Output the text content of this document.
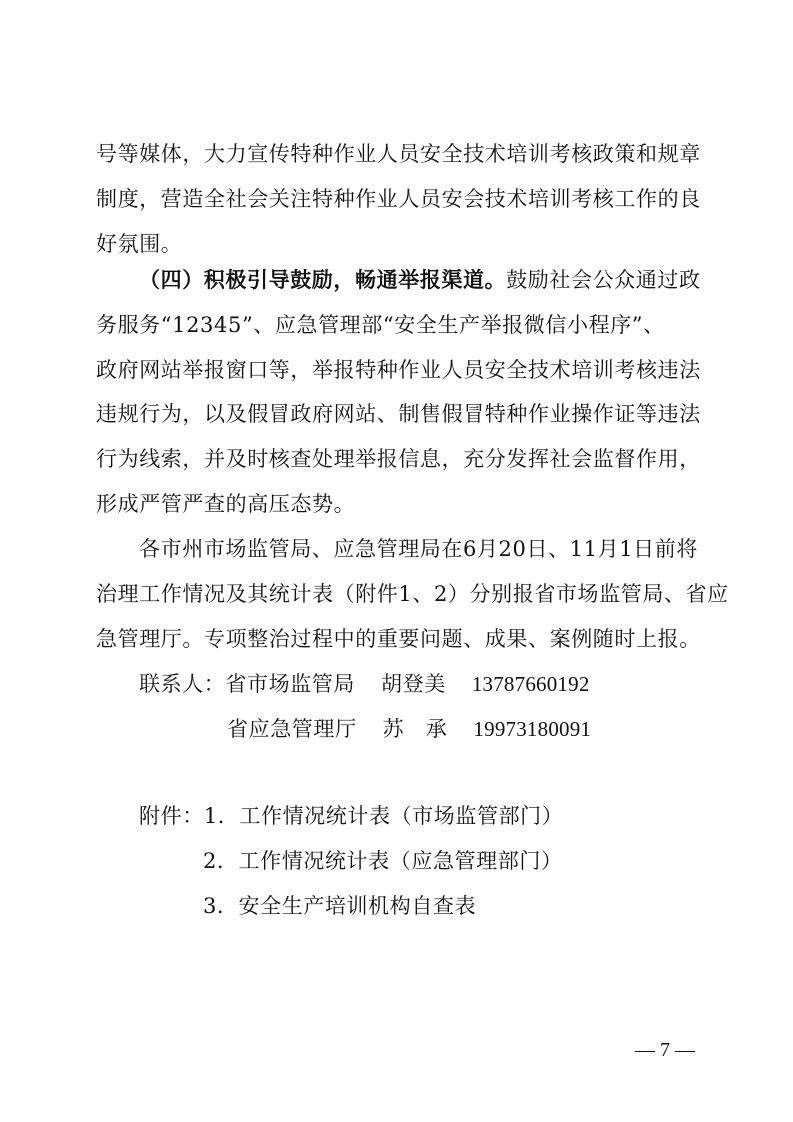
号等媒体，大力宣传特种作业人员安全技术培训考核政策和规章
制度，营造全社会关注特种作业人员安会技术培训考核工作的良
好氛围。
（四）积极引导鼓励，畅通举报渠道。鼓励社会公众通过政
务服务“12345”、应急管理部“安全生产举报微信小程序”、
政府网站举报窗口等，举报特种作业人员安全技术培训考核违法
违规行为，以及假冒政府网站、制售假冒特种作业操作证等违法
行为线索，并及时核查处理举报信息，充分发挥社会监督作用，
形成严管严查的高压态势。
各市州市场监管局、应急管理局在6月20日、11月1日前将
治理工作情况及其统计表（附件1、2）分别报省市场监管局、省应
急管理厅。专项整治过程中的重要问题、成果、案例随时上报。
联系人：省市场监管局 胡登美 13787660192
省应急管理厅 苏　承 19973180091
附件：1．工作情况统计表（市场监管部门）
2．工作情况统计表（应急管理部门）
3．安全生产培训机构自查表
— 7 —
